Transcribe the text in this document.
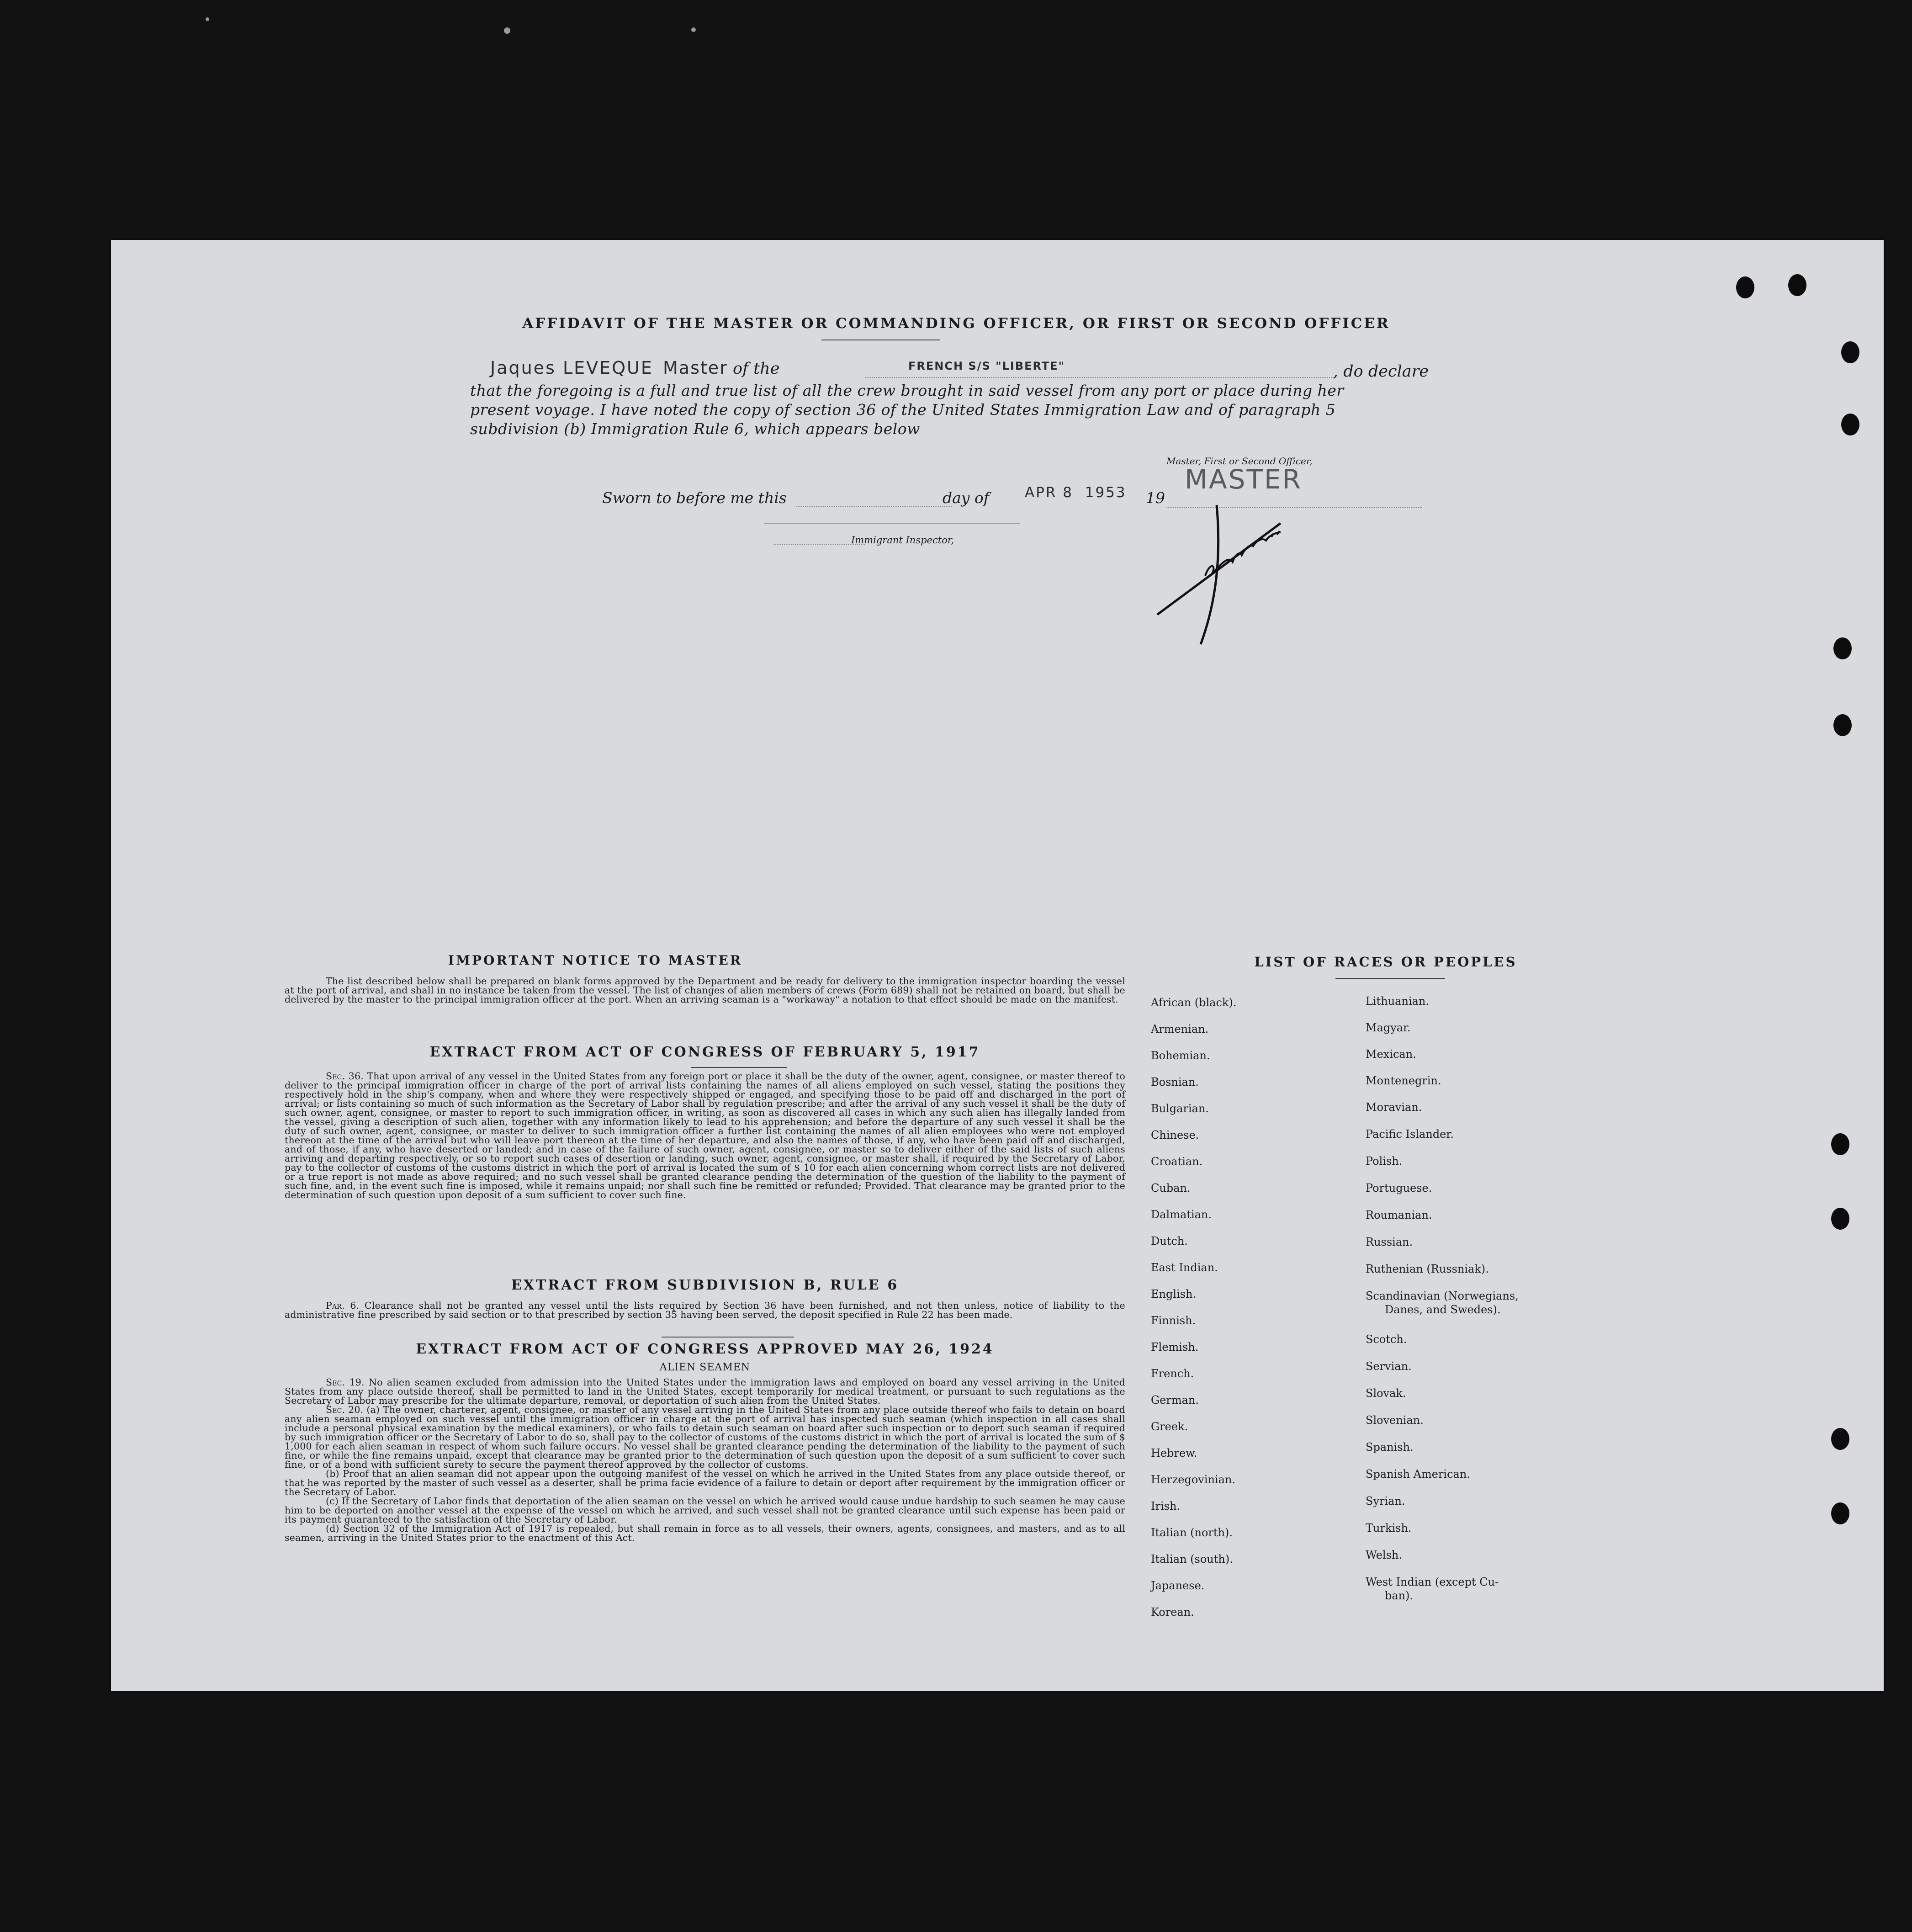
AFFIDAVIT OF THE MASTER OR COMMANDING OFFICER, OR FIRST OR SECOND OFFICER
Jaques LEVEQUE Master of the	FRENCH S/S "LIBERTE"	, do declare
that the foregoing is a full and true list of all the crew brought in said vessel from any port or place during her
present voyage. I have noted the copy of section 36 of the United States Immigration Law and of paragraph 5
subdivision (b) Immigration Rule 6, which appears below
Master, First or Second Officer,
MASTER
Sworn to before me this	day of	APR 8  1953 19
Immigrant Inspector,
IMPORTANT NOTICE TO MASTER

The list described below shall be prepared on blank forms approved by the Department and be ready for delivery to the immigration inspector boarding the vessel at the port of arrival, and shall in no instance be taken from the vessel. The list of changes of alien members of crews (Form 689) shall not be retained on board, but shall be delivered by the master to the principal immigration officer at the port. When an arriving seaman is a "workaway" a notation to that effect should be made on the manifest.

EXTRACT FROM ACT OF CONGRESS OF FEBRUARY 5, 1917

Sec. 36. That upon arrival of any vessel in the United States from any foreign port or place it shall be the duty of the owner, agent, consignee, or master thereof to deliver to the principal immigration officer in charge of the port of arrival lists containing the names of all aliens employed on such vessel, stating the positions they respectively hold in the ship's company, when and where they were respectively shipped or engaged, and specifying those to be paid off and discharged in the port of arrival; or lists containing so much of such information as the Secretary of Labor shall by regulation prescribe; and after the arrival of any such vessel it shall be the duty of such owner, agent, consignee, or master to report to such immigration officer, in writing, as soon as discovered all cases in which any such alien has illegally landed from the vessel, giving a description of such alien, together with any information likely to lead to his apprehension; and before the departure of any such vessel it shall be the duty of such owner, agent, consignee, or master to deliver to such immigration officer a further list containing the names of all alien employees who were not employed thereon at the time of the arrival but who will leave port thereon at the time of her departure, and also the names of those, if any, who have been paid off and discharged, and of those, if any, who have deserted or landed; and in case of the failure of such owner, agent, consignee, or master so to deliver either of the said lists of such aliens arriving and departing respectively, or so to report such cases of desertion or landing, such owner, agent, consignee, or master shall, if required by the Secretary of Labor, pay to the collector of customs of the customs district in which the port of arrival is located the sum of $ 10 for each alien concerning whom correct lists are not delivered or a true report is not made as above required; and no such vessel shall be granted clearance pending the determination of the question of the liability to the payment of such fine, and, in the event such fine is imposed, while it remains unpaid; nor shall such fine be remitted or refunded; Provided. That clearance may be granted prior to the determination of such question upon deposit of a sum sufficient to cover such fine.

EXTRACT FROM SUBDIVISION B, RULE 6

Par. 6. Clearance shall not be granted any vessel until the lists required by Section 36 have been furnished, and not then unless, notice of liability to the administrative fine prescribed by said section or to that prescribed by section 35 having been served, the deposit specified in Rule 22 has been made.

EXTRACT FROM ACT OF CONGRESS APPROVED MAY 26, 1924
ALIEN SEAMEN

Sec. 19. No alien seamen excluded from admission into the United States under the immigration laws and employed on board any vessel arriving in the United States from any place outside thereof, shall be permitted to land in the United States, except temporarily for medical treatment, or pursuant to such regulations as the Secretary of Labor may prescribe for the ultimate departure, removal, or deportation of such alien from the United States.

Sec. 20. (a) The owner, charterer, agent, consignee, or master of any vessel arriving in the United States from any place outside thereof who fails to detain on board any alien seaman employed on such vessel until the immigration officer in charge at the port of arrival has inspected such seaman (which inspection in all cases shall include a personal physical examination by the medical examiners), or who fails to detain such seaman on board after such inspection or to deport such seaman if required by such immigration officer or the Secretary of Labor to do so, shall pay to the collector of customs of the customs district in which the port of arrival is located the sum of $ 1,000 for each alien seaman in respect of whom such failure occurs. No vessel shall be granted clearance pending the determination of the liability to the payment of such fine, or while the fine remains unpaid, except that clearance may be granted prior to the determination of such question upon the deposit of a sum sufficient to cover such fine, or of a bond with sufficient surety to secure the payment thereof approved by the collector of customs.

(b) Proof that an alien seaman did not appear upon the outgoing manifest of the vessel on which he arrived in the United States from any place outside thereof, or that he was reported by the master of such vessel as a deserter, shall be prima facie evidence of a failure to detain or deport after requirement by the immigration officer or the Secretary of Labor.

(c) If the Secretary of Labor finds that deportation of the alien seaman on the vessel on which he arrived would cause undue hardship to such seamen he may cause him to be deported on another vessel at the expense of the vessel on which he arrived, and such vessel shall not be granted clearance until such expense has been paid or its payment guaranteed to the satisfaction of the Secretary of Labor.

(d) Section 32 of the Immigration Act of 1917 is repealed, but shall remain in force as to all vessels, their owners, agents, consignees, and masters, and as to all seamen, arriving in the United States prior to the enactment of this Act.

LIST OF RACES OR PEOPLES
African (black).
Armenian.
Bohemian.
Bosnian.
Bulgarian.
Chinese.
Croatian.
Cuban.
Dalmatian.
Dutch.
East Indian.
English.
Finnish.
Flemish.
French.
German.
Greek.
Hebrew.
Herzegovinian.
Irish.
Italian (north).
Italian (south).
Japanese.
Korean.
Lithuanian.
Magyar.
Mexican.
Montenegrin.
Moravian.
Pacific Islander.
Polish.
Portuguese.
Roumanian.
Russian.
Ruthenian (Russniak).
Scandinavian (Norwegians,
Danes, and Swedes).
Scotch.
Servian.
Slovak.
Slovenian.
Spanish.
Spanish American.
Syrian.
Turkish.
Welsh.
West Indian (except Cu-
ban).
